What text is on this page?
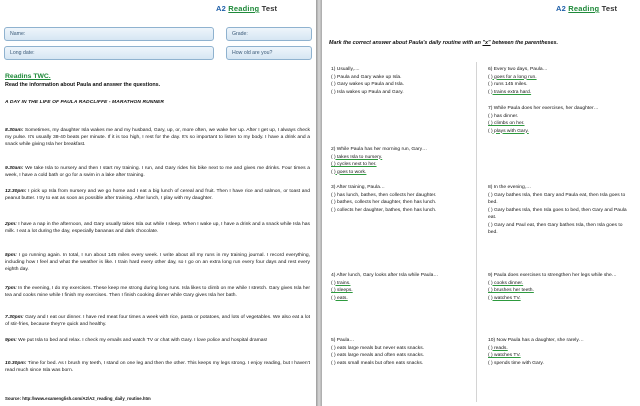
A2 Reading Test
Name:	Grade:
Long date:	How old are you?
Readins TWC.
Read the information about Paula and answer the questions.
A DAY IN THE LIFE OF PAULA RADCLIFFE - MARATHON RUNNER
8.30am: Sometimes, my daughter Isla wakes me and my husband, Gary, up, or, more often, we wake her up. After I get up, I always check my pulse. It's usually 38-40 beats per minute. If it is too high, I rest for the day. It's so important to listen to my body. I have a drink and a snack while giving Isla her breakfast.
9.30am: We take Isla to nursery and then I start my training. I run, and Gary rides his bike next to me and gives me drinks. Four times a week, I have a cold bath or go for a swim in a lake after training.
12.30pm: I pick up Isla from nursery and we go home and I eat a big lunch of cereal and fruit. Then I have rice and salmon, or toast and peanut butter. I try to eat as soon as possible after training. After lunch, I play with my daughter.
2pm: I have a nap in the afternoon, and Gary usually takes Isla out while I sleep. When I wake up, I have a drink and a snack while Isla has milk. I eat a lot during the day, especially bananas and dark chocolate.
5pm: I go running again. In total, I run about 145 miles every week. I write about all my runs in my training journal. I record everything, including how I feel and what the weather is like. I train hard every other day, so I go on an extra long run every four days and rest every eighth day.
7pm: In the evening, I do my exercises. These keep me strong during long runs. Isla likes to climb on me while I stretch. Gary gives Isla her tea and cooks mine while I finish my exercises. Then I finish cooking dinner while Gary gives Isla her bath.
7.30pm: Gary and I eat our dinner. I have red meat four times a week with rice, pasta or potatoes, and lots of vegetables. We also eat a lot of stir-fries, because they're quick and healthy.
9pm: We put Isla to bed and relax. I check my emails and watch TV or chat with Gary. I love police and hospital dramas!
10.30pm: Time for bed. As I brush my teeth, I stand on one leg and then the other. This keeps my legs strong. I enjoy reading, but I haven't read much since Isla was born.
Source: http://www.examenglish.com/A2/A2_reading_daily_routine.htm
A2 Reading Test
Mark the correct answer about Paula's daily routine with an "x" between the parentheses.
1) Usually,....
( ) Paula and Gary wake up Isla.
( ) Gary wakes up Paula and Isla.
( ) Isla wakes up Paula and Gary.
2) While Paula has her morning run, Gary…
( ) takes Isla to nursery.
( ) cycles next to her.
( ) goes to work.
3) After training, Paula…
( ) has lunch, bathes, then collects her daughter.
( ) bathes, collects her daughter, then has lunch.
( ) collects her daughter, bathes, then has lunch.
4) After lunch, Gary looks after Isla while Paula…
( ) trains.
( ) sleeps.
( ) eats.
5) Paula…
( ) eats large meals but never eats snacks.
( ) eats large meals and often eats snacks.
( ) eats small meals but often eats snacks.
6) Every two days, Paula…
( ) goes for a long run.
( ) runs 145 miles.
( ) trains extra hard.
7) While Paula does her exercises, her daughter…
( ) has dinner.
( ) climbs on her.
( ) plays with Gary.
8) In the evening,…
( ) Gary bathes Isla, then Gary and Paula eat, then Isla goes to bed.
( ) Gary bathes Isla, then Isla goes to bed, then Gary and Paula eat.
( ) Gary and Paul eat, then Gary bathes Isla, then Isla goes to bed.
9) Paula does exercises to strengthen her legs while she…
( ) cooks dinner.
( ) brushes her teeth.
( ) watches TV.
10) Now Paula has a daughter, she rarely…
( ) reads.
( ) watches TV.
( ) spends time with Gary.
